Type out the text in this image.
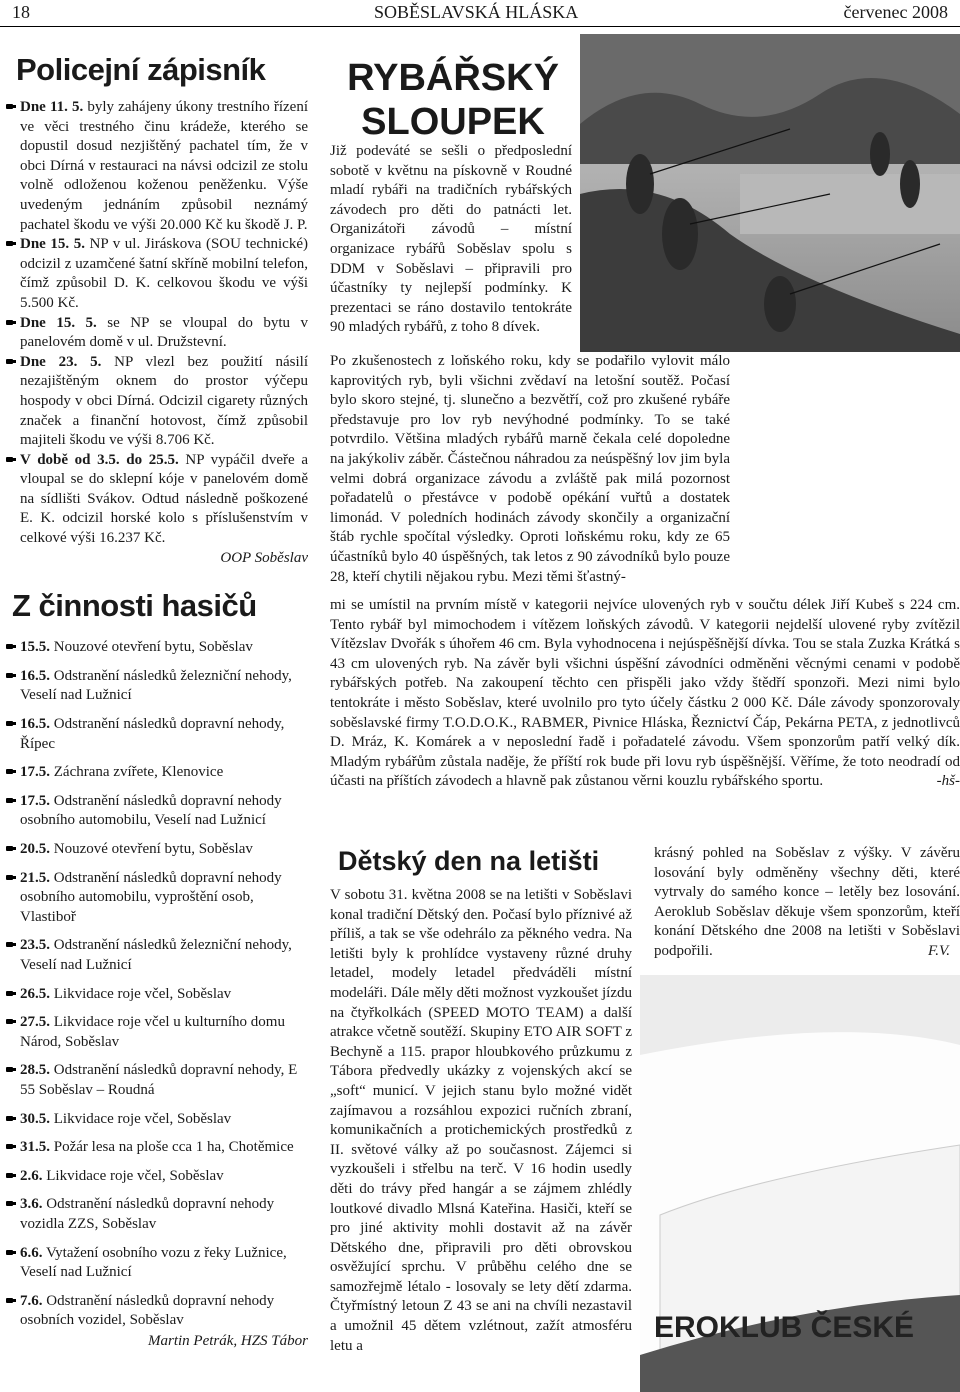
18	SOBĚSLAVSKÁ HLÁSKA	červenec 2008
Policejní zápisník
Dne 11. 5. byly zahájeny úkony trestního řízení ve věci trestného činu krádeže, kterého se dopustil dosud nezjištěný pachatel tím, že v obci Dírná v restauraci na návsi odcizil ze stolu volně odloženou koženou peněženku. Výše uvedeným jednáním způsobil neznámý pachatel škodu ve výši 20.000 Kč ku škodě J. P.
Dne 15. 5. NP v ul. Jiráskova (SOU technické) odcizil z uzamčené šatní skříně mobilní telefon, čímž způsobil D. K. celkovou škodu ve výši 5.500 Kč.
Dne 15. 5. se NP se vloupal do bytu v panelovém domě v ul. Družstevní.
Dne 23. 5. NP vlezl bez použití násilí nezajištěným oknem do prostor výčepu hospody v obci Dírná. Odcizil cigarety různých značek a finanční hotovost, čímž způsobil majiteli škodu ve výši 8.706 Kč.
V době od 3.5. do 25.5. NP vypáčil dveře a vloupal se do sklepní kóje v panelovém domě na sídlišti Svákov. Odtud následně poškozené E. K. odcizil horské kolo s příslušenstvím v celkové výši 16.237 Kč.
OOP Soběslav
Z činnosti hasičů
15.5. Nouzové otevření bytu, Soběslav
16.5. Odstranění následků železniční nehody, Veselí nad Lužnicí
16.5. Odstranění následků dopravní nehody, Řípec
17.5. Záchrana zvířete, Klenovice
17.5. Odstranění následků dopravní nehody osobního automobilu, Veselí nad Lužnicí
20.5. Nouzové otevření bytu, Soběslav
21.5. Odstranění následků dopravní nehody osobního automobilu, vyproštění osob, Vlastiboř
23.5. Odstranění následků železniční nehody, Veselí nad Lužnicí
26.5. Likvidace roje včel, Soběslav
27.5. Likvidace roje včel u kulturního domu Národ, Soběslav
28.5. Odstranění následků dopravní nehody, E 55 Soběslav – Roudná
30.5. Likvidace roje včel, Soběslav
31.5. Požár lesa na ploše cca 1 ha, Chotěmice
2.6. Likvidace roje včel, Soběslav
3.6. Odstranění následků dopravní nehody vozidla ZZS, Soběslav
6.6. Vytažení osobního vozu z řeky Lužnice, Veselí nad Lužnicí
7.6. Odstranění následků dopravní nehody osobních vozidel, Soběslav
Martin Petrák, HZS Tábor
RYBÁŘSKÝ
SLOUPEK
Již podeváté se sešli o předposlední sobotě v květnu na pískovně v Roudné mladí rybáři na tradičních rybářských závodech pro děti do patnácti let. Organizátoři závodů – místní organizace rybářů Soběslav spolu s DDM v Soběslavi – připravili pro účastníky ty nejlepší podmínky. K prezentaci se ráno dostavilo tentokráte 90 mladých rybářů, z toho 8 dívek.
Po zkušenostech z loňského roku, kdy se podařilo vylovit málo kaprovitých ryb, byli všichni zvědaví na letošní soutěž. Počasí bylo skoro stejné, tj. slunečno a bezvětří, což pro zkušené rybáře představuje pro lov ryb nevýhodné podmínky. To se také potvrdilo. Většina mladých rybářů marně čekala celé dopoledne na jakýkoliv záběr. Částečnou náhradou za neúspěšný lov jim byla velmi dobrá organizace závodu a zvláště pak milá pozornost pořadatelů o přestávce v podobě opékání vuřtů a dostatek limonád. V poledních hodinách závody skončily a organizační štáb rychle spočítal výsledky. Oproti loňskému roku, kdy ze 65 účastníků bylo 40 úspěšných, tak letos z 90 závodníků bylo pouze 28, kteří chytili nějakou rybu. Mezi těmi šťastný-
mi se umístil na prvním místě v kategorii nejvíce ulovených ryb v součtu délek Jiří Kubeš s 224 cm. Tento rybář byl mimochodem i vítězem loňských závodů. V kategorii nejdelší ulovené ryby zvítězil Vítězslav Dvořák s úhořem 46 cm. Byla vyhodnocena i nejúspěšnější dívka. Tou se stala Zuzka Krátká s 43 cm ulovených ryb. Na závěr byli všichni úspěšní závodníci odměněni věcnými cenami v podobě rybářských potřeb. Na zakoupení těchto cen přispěli jako vždy štědří sponzoři. Mezi nimi bylo tentokráte i město Soběslav, které uvolnilo pro tyto účely částku 2 000 Kč. Dále závody sponzorovaly soběslavské firmy T.O.D.O.K., RABMER, Pivnice Hláska, Řeznictví Čáp, Pekárna PETA, z jednotlivců D. Mráz, K. Komárek a v neposlední řadě i pořadatelé závodu. Všem sponzorům patří velký dík. Mladým rybářům zůstala naděje, že příští rok bude při lovu ryb úspěšnější. Věříme, že toto neodradí od účasti na příštích závodech a hlavně pak zůstanou věrni kouzlu rybářského sportu.	-hš-
Dětský den na letišti
V sobotu 31. května 2008 se na letišti v Soběslavi konal tradiční Dětský den. Počasí bylo příznivé až příliš, a tak se vše odehrálo za pěkného vedra. Na letišti byly k prohlídce vystaveny různé druhy letadel, modely letadel předváděli místní modeláři. Dále měly děti možnost vyzkoušet jízdu na čtyřkolkách (SPEED MOTO TEAM) a další atrakce včetně soutěží. Skupiny ETO AIR SOFT z Bechyně a 115. prapor hloubkového průzkumu z Tábora předvedly ukázky z vojenských akcí se „soft“ municí. V jejich stanu bylo možné vidět zajímavou a rozsáhlou expozici ručních zbraní, komunikačních a protichemických prostředků z II. světové války až po současnost. Zájemci si vyzkoušeli i střelbu na terč. V 16 hodin usedly děti do trávy před hangár a se zájmem zhlédly loutkové divadlo Mlsná Kateřina. Hasiči, kteří se pro jiné aktivity mohli dostavit až na závěr Dětského dne, připravili pro děti obrovskou osvěžující sprchu. V průběhu celého dne se samozřejmě létalo - losovaly se lety dětí zdarma. Čtyřmístný letoun Z 43 se ani na chvíli nezastavil a umožnil 45 dětem vzlétnout, zažít atmosféru letu a
krásný pohled na Soběslav z výšky. V závěru losování byly odměněny všechny děti, které vytrvaly do samého konce – letěly bez losování. Aeroklub Soběslav děkuje všem sponzorům, kteří konání Dětského dne 2008 na letišti v Soběslavi podpořili.	F.V.
EROKLUB ČESKÉ
